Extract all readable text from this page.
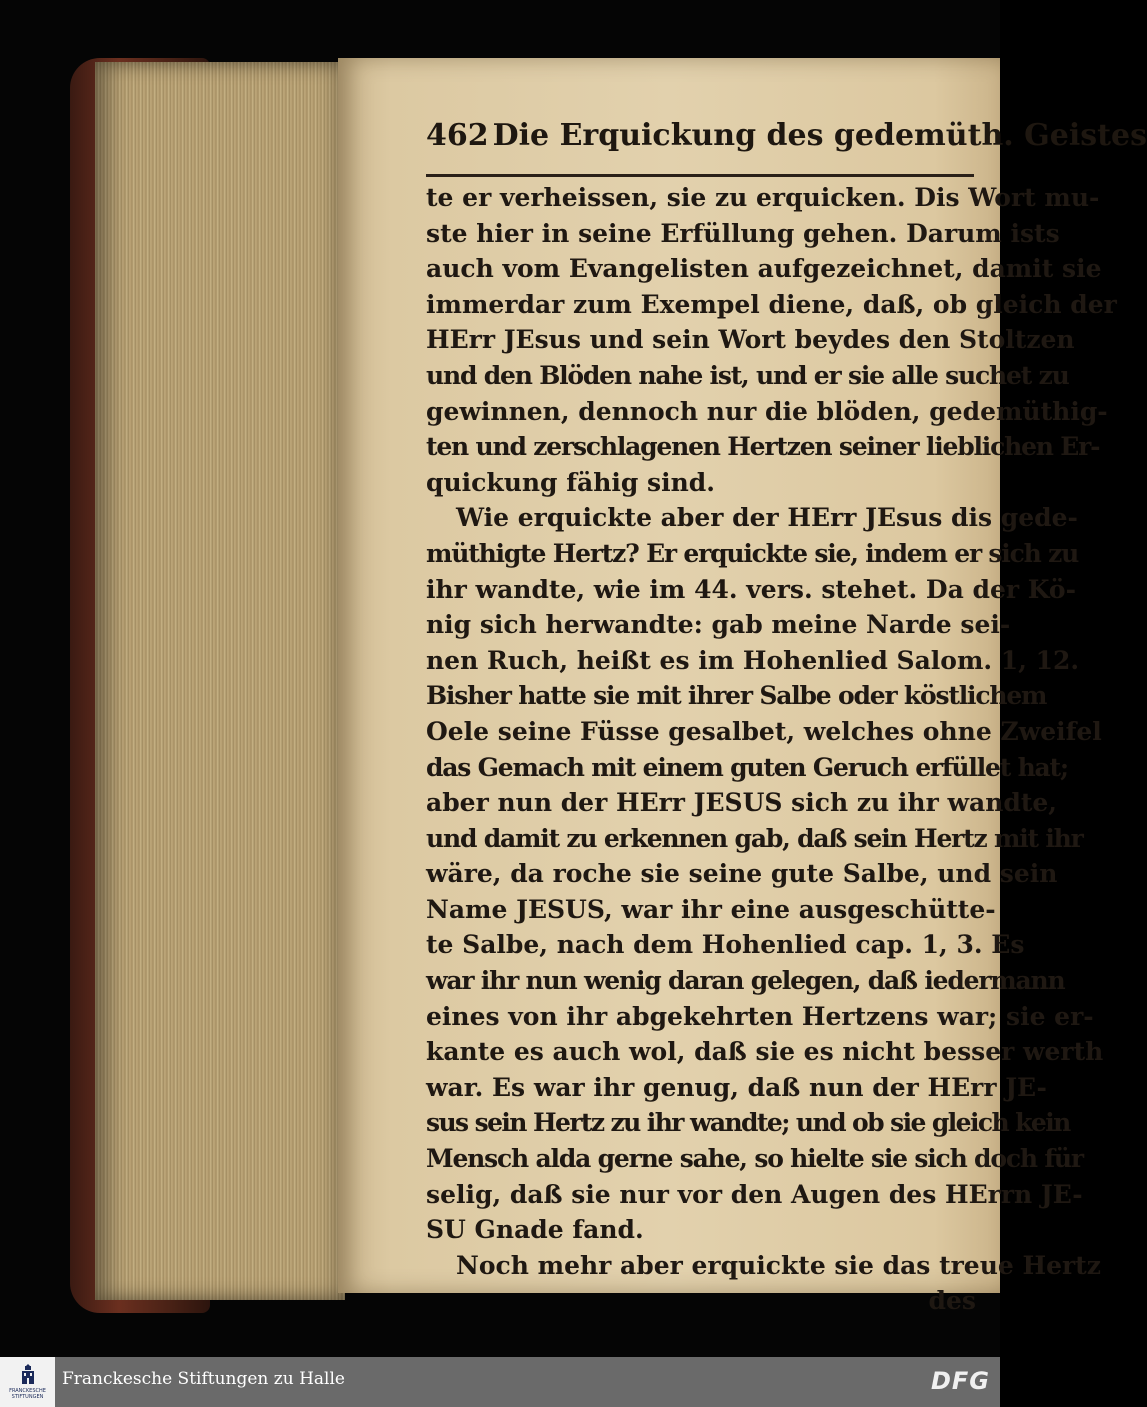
462 Die Erquickung des gedemüth. Geistes
te er verheissen, sie zu erquicken. Dis Wort mu-
ste hier in seine Erfüllung gehen. Darum ists
auch vom Evangelisten aufgezeichnet, damit sie
immerdar zum Exempel diene, daß, ob gleich der
HErr JEsus und sein Wort beydes den Stoltzen
und den Blöden nahe ist, und er sie alle suchet zu
gewinnen, dennoch nur die blöden, gedemüthig-
ten und zerschlagenen Hertzen seiner lieblichen Er-
quickung fähig sind.
Wie erquickte aber der HErr JEsus dis gede-
müthigte Hertz? Er erquickte sie, indem er sich zu
ihr wandte, wie im 44. vers. stehet. Da der Kö-
nig sich herwandte: gab meine Narde sei-
nen Ruch, heißt es im Hohenlied Salom. 1, 12.
Bisher hatte sie mit ihrer Salbe oder köstlichem
Oele seine Füsse gesalbet, welches ohne Zweifel
das Gemach mit einem guten Geruch erfüllet hat;
aber nun der HErr JESUS sich zu ihr wandte,
und damit zu erkennen gab, daß sein Hertz mit ihr
wäre, da roche sie seine gute Salbe, und sein
Name JESUS, war ihr eine ausgeschütte-
te Salbe, nach dem Hohenlied cap. 1, 3. Es
war ihr nun wenig daran gelegen, daß iedermann
eines von ihr abgekehrten Hertzens war; sie er-
kante es auch wol, daß sie es nicht besser werth
war. Es war ihr genug, daß nun der HErr JE-
sus sein Hertz zu ihr wandte; und ob sie gleich kein
Mensch alda gerne sahe, so hielte sie sich doch für
selig, daß sie nur vor den Augen des HErrn JE-
SU Gnade fand.
Noch mehr aber erquickte sie das treue Hertz
des
FRANCKESCHE STIFTUNGEN
Franckesche Stiftungen zu Halle	DFG
